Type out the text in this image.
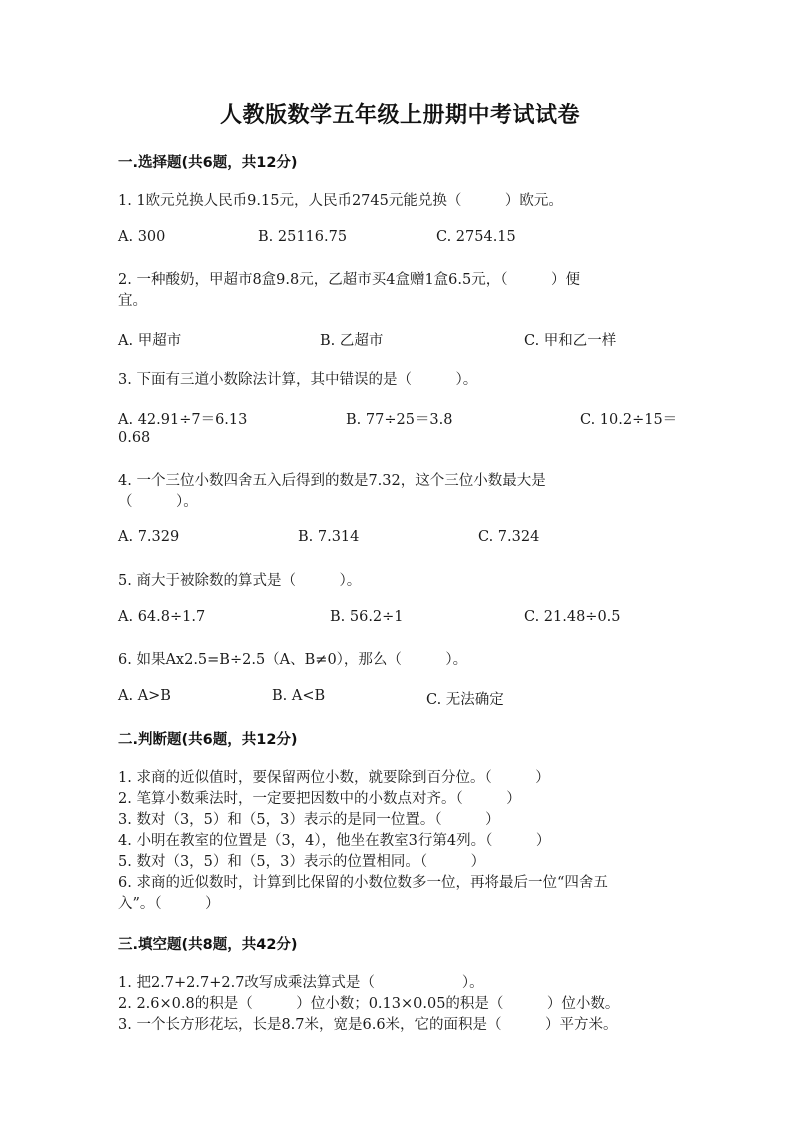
人教版数学五年级上册期中考试试卷
一.选择题(共6题，共12分)
1. 1欧元兑换人民币9.15元，人民币2745元能兑换（　　　）欧元。
A. 300	B. 25116.75	C. 2754.15
2. 一种酸奶，甲超市8盒9.8元，乙超市买4盒赠1盒6.5元，（　　　）便
宜。
A. 甲超市	B. 乙超市	C. 甲和乙一样
3. 下面有三道小数除法计算，其中错误的是（　　　）。
A. 42.91÷7＝6.13	B. 77÷25＝3.8	C. 10.2÷15＝
0.68
4. 一个三位小数四舍五入后得到的数是7.32，这个三位小数最大是
（　　　）。
A. 7.329	B. 7.314	C. 7.324
5. 商大于被除数的算式是（　　　）。
A. 64.8÷1.7	B. 56.2÷1	C. 21.48÷0.5
6. 如果Ax2.5=B÷2.5（A、B≠0），那么（　　　）。
A. A>B	B. A<B	C. 无法确定
二.判断题(共6题，共12分)
1. 求商的近似值时，要保留两位小数，就要除到百分位。（　　　）
2. 笔算小数乘法时，一定要把因数中的小数点对齐。（　　　）
3. 数对（3，5）和（5，3）表示的是同一位置。（　　　）
4. 小明在教室的位置是（3，4），他坐在教室3行第4列。（　　　）
5. 数对（3，5）和（5，3）表示的位置相同。（　　　）
6. 求商的近似数时，计算到比保留的小数位数多一位，再将最后一位“四舍五
入”。（　　　）
三.填空题(共8题，共42分)
1. 把2.7+2.7+2.7改写成乘法算式是（　　　　　　）。
2. 2.6×0.8的积是（　　　）位小数；0.13×0.05的积是（　　　）位小数。
3. 一个长方形花坛，长是8.7米，宽是6.6米，它的面积是（　　　）平方米。
